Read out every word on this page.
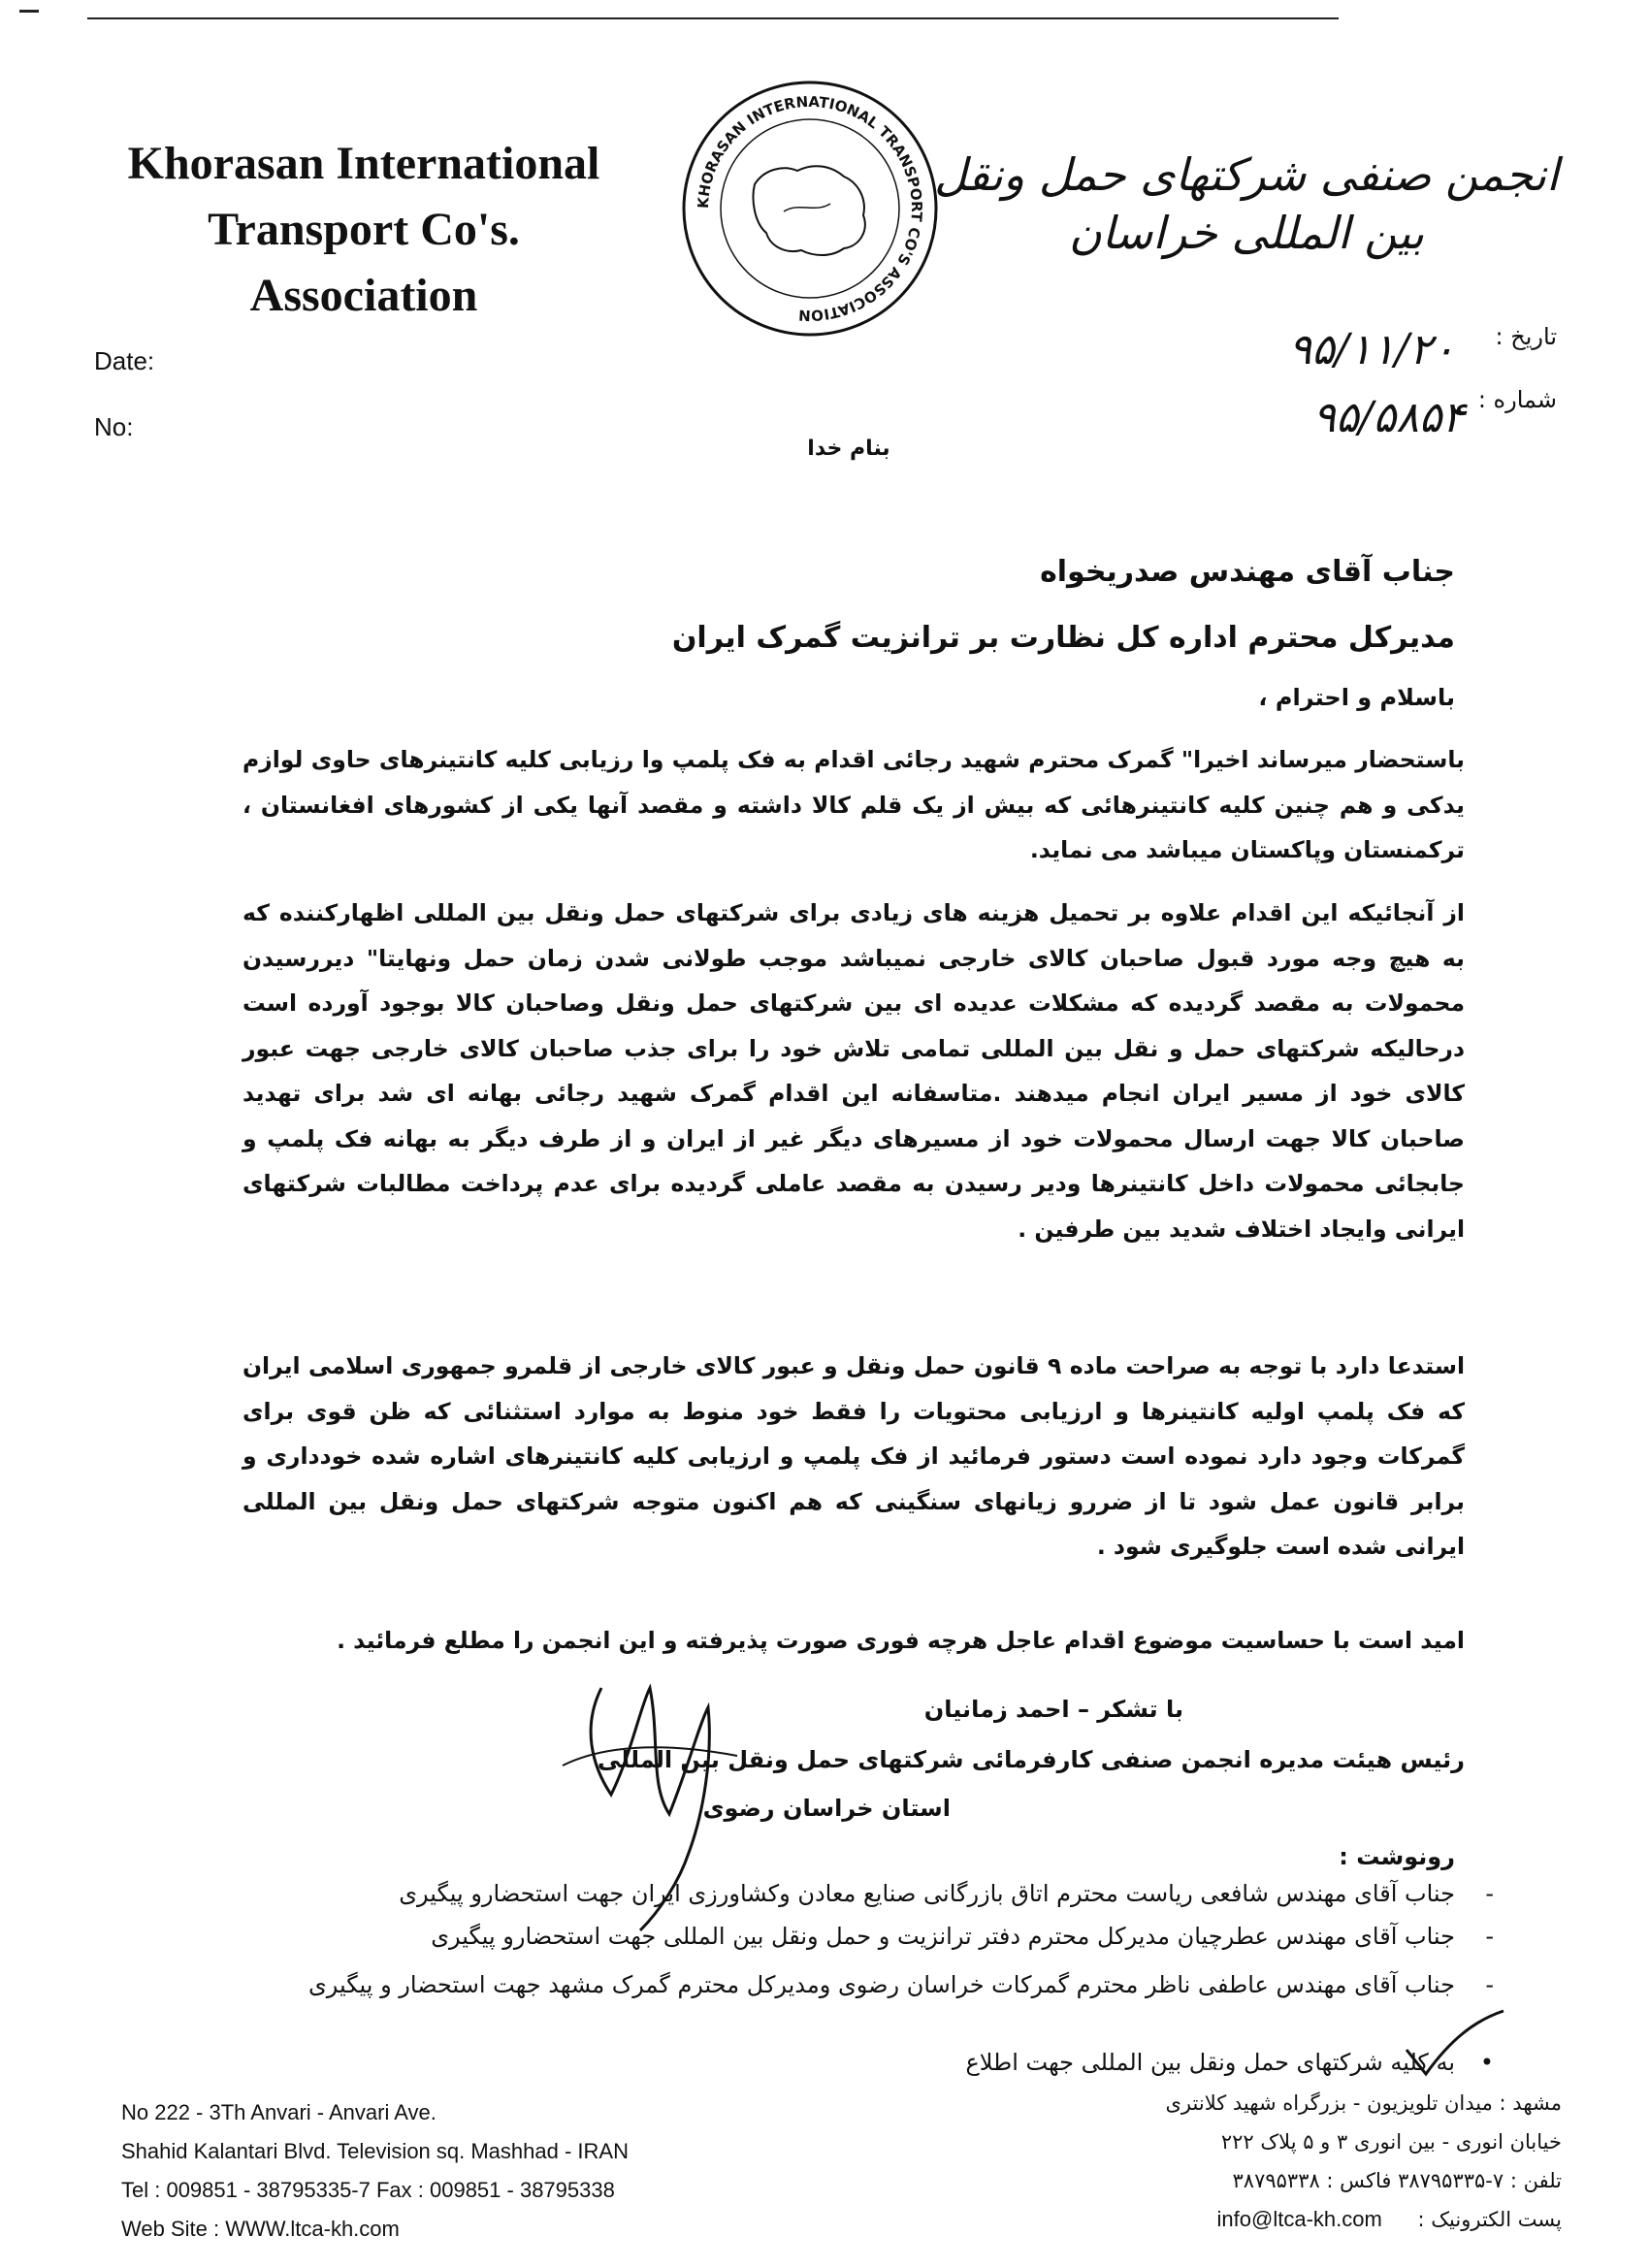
Khorasan International
Transport Co's. Association
KHORASAN INTERNATIONAL TRANSPORT CO'S ASSOCIATION
انجمن صنفی شرکتهای حمل ونقل بین المللی خراسان
Date:
No:
تاریخ :
شماره :
۹۵/۱۱/۲۰
۹۵/۵۸۵۴
بنام خدا
جناب آقای مهندس صدریخواه
مدیرکل محترم اداره کل نظارت بر ترانزیت گمرک ایران
باسلام و احترام ،

باستحضار میرساند اخیرا" گمرک محترم شهید رجائی اقدام به فک پلمپ وا رزیابی کلیه کانتینرهای حاوی لوازم یدکی و هم چنین کلیه کانتینرهائی که بیش از یک قلم کالا داشته و مقصد آنها یکی از کشورهای افغانستان ، ترکمنستان وپاکستان میباشد می نماید.

از آنجائیکه این اقدام علاوه بر تحمیل هزینه های زیادی برای شرکتهای حمل ونقل بین المللی اظهارکننده که به هیچ وجه مورد قبول صاحبان کالای خارجی نمیباشد موجب طولانی شدن زمان حمل ونهایتا" دیررسیدن محمولات به مقصد گردیده که مشکلات عدیده ای بین شرکتهای حمل ونقل وصاحبان کالا بوجود آورده است درحالیکه شرکتهای حمل و نقل بین المللی تمامی تلاش خود را برای جذب صاحبان کالای خارجی جهت عبور کالای خود از مسیر ایران انجام میدهند .متاسفانه این اقدام گمرک شهید رجائی بهانه ای شد برای تهدید صاحبان کالا جهت ارسال محمولات خود از مسیرهای دیگر غیر از ایران و از طرف دیگر به بهانه فک پلمپ و جابجائی محمولات داخل کانتینرها ودیر رسیدن به مقصد عاملی گردیده برای عدم پرداخت مطالبات شرکتهای ایرانی وایجاد اختلاف شدید بین طرفین .

استدعا دارد با توجه به صراحت ماده ۹ قانون حمل ونقل و عبور کالای خارجی از قلمرو جمهوری اسلامی ایران که فک پلمپ اولیه کانتینرها و ارزیابی محتویات را فقط خود منوط به موارد استثنائی که ظن قوی برای گمرکات وجود دارد نموده است دستور فرمائید از فک پلمپ و ارزیابی کلیه کانتینرهای اشاره شده خودداری و برابر قانون عمل شود تا از ضررو زیانهای سنگینی که هم اکنون متوجه شرکتهای حمل ونقل بین المللی ایرانی شده است جلوگیری شود .

امید است با حساسیت موضوع اقدام عاجل هرچه فوری صورت پذیرفته و این انجمن را مطلع فرمائید .

با تشکر – احمد زمانیان
رئیس هیئت مدیره انجمن صنفی کارفرمائی شرکتهای حمل ونقل بین المللی
استان خراسان رضوی
رونوشت :
-
جناب آقای مهندس شافعی ریاست محترم اتاق بازرگانی صنایع معادن وکشاورزی ایران جهت استحضارو پیگیری
-
جناب آقای مهندس عطرچیان مدیرکل محترم دفتر ترانزیت و حمل ونقل بین المللی جهت استحضارو پیگیری
-
جناب آقای مهندس عاطفی ناظر محترم گمرکات خراسان رضوی ومدیرکل محترم گمرک مشهد جهت استحضار و پیگیری
•
به کلیه شرکتهای حمل ونقل بین المللی جهت اطلاع
No 222 - 3Th Anvari - Anvari Ave.
Shahid Kalantari Blvd. Television sq. Mashhad - IRAN
Tel : 009851 - 38795335-7 Fax : 009851 - 38795338
Web Site : WWW.ltca-kh.com
مشهد : میدان تلویزیون - بزرگراه شهید کلانتری
خیابان انوری - بین انوری ۳ و ۵ پلاک ۲۲۲
تلفن : ۷-۳۸۷۹۵۳۳۵ فاکس : ۳۸۷۹۵۳۳۸
پست الکترونیک : info@ltca-kh.com
